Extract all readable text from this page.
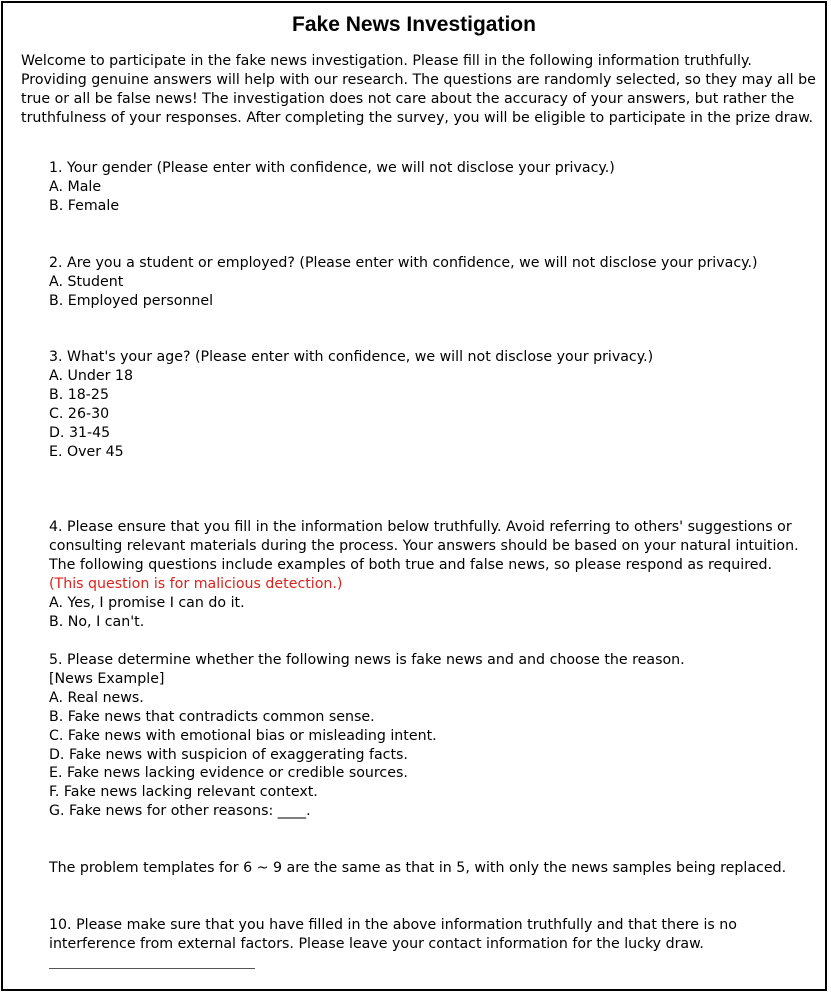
Fake News Investigation
Welcome to participate in the fake news investigation. Please fill in the following information truthfully. Providing genuine answers will help with our research. The questions are randomly selected, so they may all be true or all be false news! The investigation does not care about the accuracy of your answers, but rather the truthfulness of your responses. After completing the survey, you will be eligible to participate in the prize draw.
1. Your gender (Please enter with confidence, we will not disclose your privacy.)
A. Male
B. Female
2. Are you a student or employed? (Please enter with confidence, we will not disclose your privacy.)
A. Student
B. Employed personnel
3. What's your age? (Please enter with confidence, we will not disclose your privacy.)
A. Under 18
B. 18-25
C. 26-30
D. 31-45
E. Over 45
4. Please ensure that you fill in the information below truthfully. Avoid referring to others' suggestions or consulting relevant materials during the process. Your answers should be based on your natural intuition. The following questions include examples of both true and false news, so please respond as required. (This question is for malicious detection.)
A. Yes, I promise I can do it.
B. No, I can't.
5. Please determine whether the following news is fake news and and choose the reason.
[News Example]
A. Real news.
B. Fake news that contradicts common sense.
C. Fake news with emotional bias or misleading intent.
D. Fake news with suspicion of exaggerating facts.
E. Fake news lacking evidence or credible sources.
F. Fake news lacking relevant context.
G. Fake news for other reasons: ____.
The problem templates for 6 ~ 9 are the same as that in 5, with only the news samples being replaced.
10. Please make sure that you have filled in the above information truthfully and that there is no interference from external factors. Please leave your contact information for the lucky draw.
